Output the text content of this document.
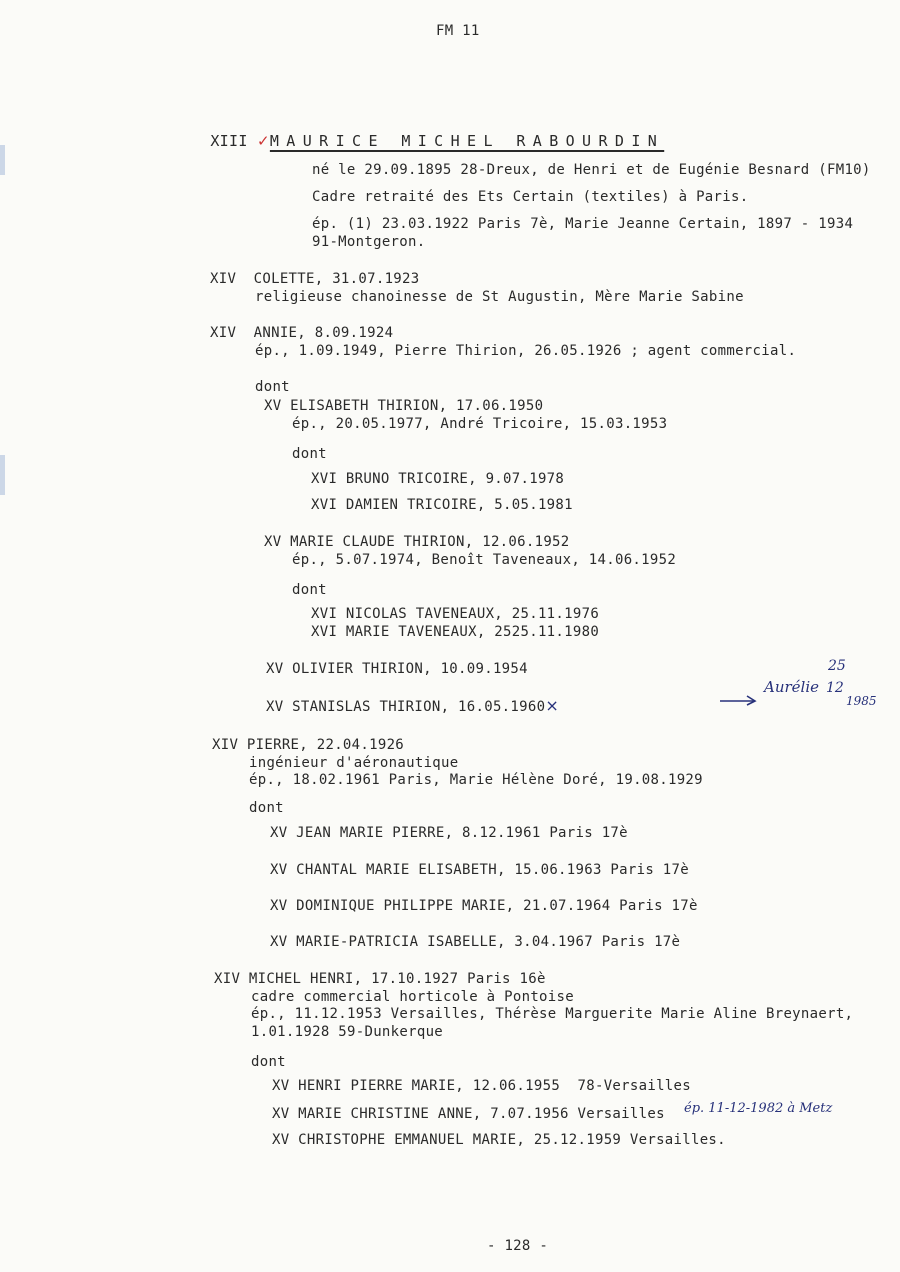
FM 11

XIII ✓MAURICE MICHEL RABOURDIN

né le 29.09.1895 28-Dreux, de Henri et de Eugénie Besnard (FM10)
Cadre retraité des Ets Certain (textiles) à Paris.
ép. (1) 23.03.1922 Paris 7è, Marie Jeanne Certain, 1897 - 1934
91-Montgeron.
XIV  COLETTE, 31.07.1923
religieuse chanoinesse de St Augustin, Mère Marie Sabine
XIV  ANNIE, 8.09.1924
ép., 1.09.1949, Pierre Thirion, 26.05.1926 ; agent commercial.
dont
XV ELISABETH THIRION, 17.06.1950
ép., 20.05.1977, André Tricoire, 15.03.1953
dont
XVI BRUNO TRICOIRE, 9.07.1978
XVI DAMIEN TRICOIRE, 5.05.1981
XV MARIE CLAUDE THIRION, 12.06.1952
ép., 5.07.1974, Benoît Taveneaux, 14.06.1952
dont
XVI NICOLAS TAVENEAUX, 25.11.1976
XVI MARIE TAVENEAUX, 2525.11.1980
XV OLIVIER THIRION, 10.09.1954
XV STANISLAS THIRION, 16.05.1960×
Aurélie
25
12
1985
XIV PIERRE, 22.04.1926
ingénieur d'aéronautique
ép., 18.02.1961 Paris, Marie Hélène Doré, 19.08.1929
dont
XV JEAN MARIE PIERRE, 8.12.1961 Paris 17è
XV CHANTAL MARIE ELISABETH, 15.06.1963 Paris 17è
XV DOMINIQUE PHILIPPE MARIE, 21.07.1964 Paris 17è
XV MARIE-PATRICIA ISABELLE, 3.04.1967 Paris 17è
XIV MICHEL HENRI, 17.10.1927 Paris 16è
cadre commercial horticole à Pontoise
ép., 11.12.1953 Versailles, Thérèse Marguerite Marie Aline Breynaert,
1.01.1928 59-Dunkerque
dont
XV HENRI PIERRE MARIE, 12.06.1955  78-Versailles
XV MARIE CHRISTINE ANNE, 7.07.1956 Versailles ép. 11-12-1982 à Metz
XV CHRISTOPHE EMMANUEL MARIE, 25.12.1959 Versailles.
- 128 -
